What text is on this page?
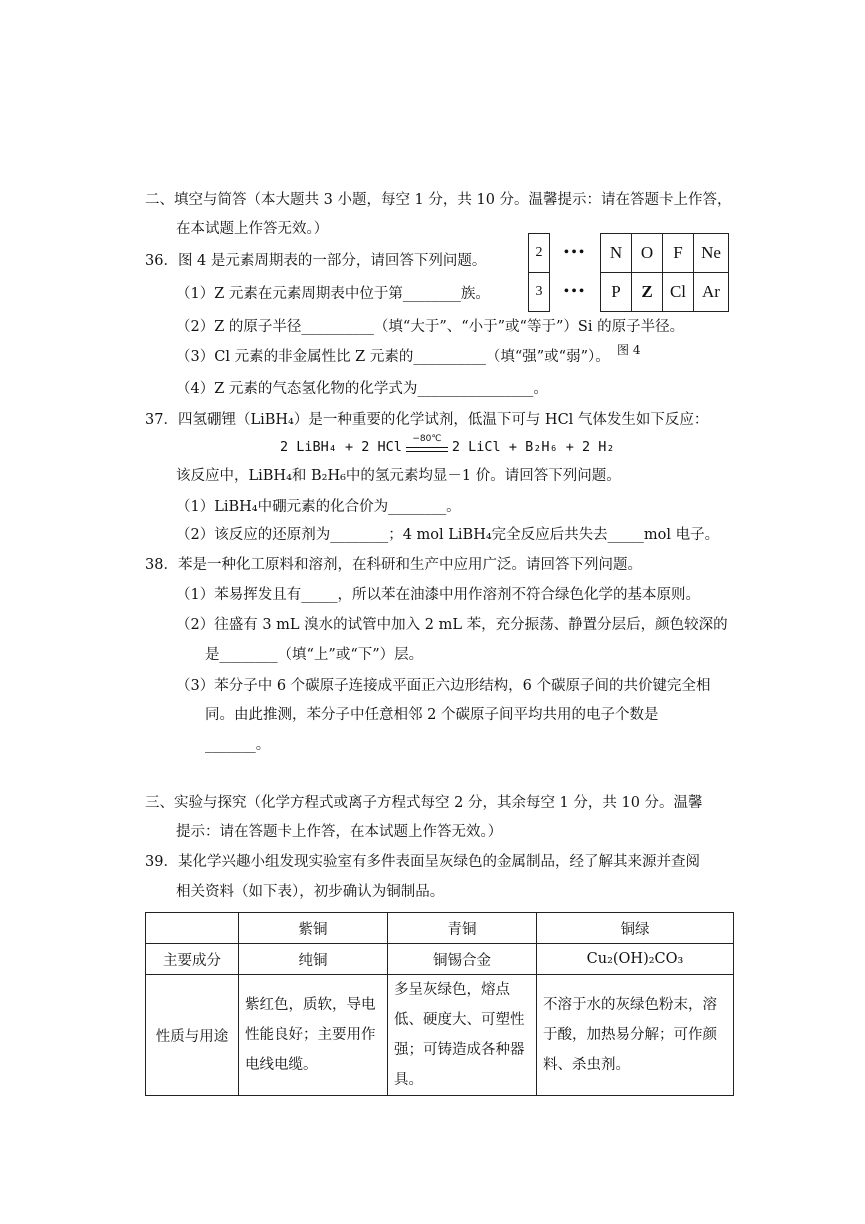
二、填空与简答（本大题共 3 小题，每空 1 分，共 10 分。温馨提示：请在答题卡上作答，
在本试题上作答无效。）
36．图 4 是元素周期表的一部分，请回答下列问题。
（1）Z 元素在元素周期表中位于第________族。
（2）Z 的原子半径__________（填“大于”、“小于”或“等于”）Si 的原子半径。
（3）Cl 元素的非金属性比 Z 元素的__________（填“强”或“弱”）。
（4）Z 元素的气态氢化物的化学式为________________。
2	•••	N	O	F	Ne
3	•••	P	Z	Cl	Ar
图 4
37．四氢硼锂（LiBH₄）是一种重要的化学试剂，低温下可与 HCl 气体发生如下反应：
2 LiBH₄ + 2 HCl	−80℃ 2 LiCl + B₂H₆ + 2 H₂
该反应中，LiBH₄和 B₂H₆中的氢元素均显－1 价。请回答下列问题。
（1）LiBH₄中硼元素的化合价为________。
（2）该反应的还原剂为________；4 mol LiBH₄完全反应后共失去_____mol 电子。
38．苯是一种化工原料和溶剂，在科研和生产中应用广泛。请回答下列问题。
（1）苯易挥发且有_____，所以苯在油漆中用作溶剂不符合绿色化学的基本原则。
（2）往盛有 3 mL 溴水的试管中加入 2 mL 苯，充分振荡、静置分层后，颜色较深的
是________（填“上”或“下”）层。
（3）苯分子中 6 个碳原子连接成平面正六边形结构，6 个碳原子间的共价键完全相
同。由此推测，苯分子中任意相邻 2 个碳原子间平均共用的电子个数是
_______。
三、实验与探究（化学方程式或离子方程式每空 2 分，其余每空 1 分，共 10 分。温馨
提示：请在答题卡上作答，在本试题上作答无效。）
39．某化学兴趣小组发现实验室有多件表面呈灰绿色的金属制品，经了解其来源并查阅
相关资料（如下表），初步确认为铜制品。
	紫铜	青铜	铜绿
主要成分	纯铜	铜锡合金	Cu₂(OH)₂CO₃
性质与用途	紫红色，质软，导电性能良好；主要用作电线电缆。	多呈灰绿色，熔点低、硬度大、可塑性强；可铸造成各种器具。	不溶于水的灰绿色粉末，溶于酸，加热易分解；可作颜料、杀虫剂。
